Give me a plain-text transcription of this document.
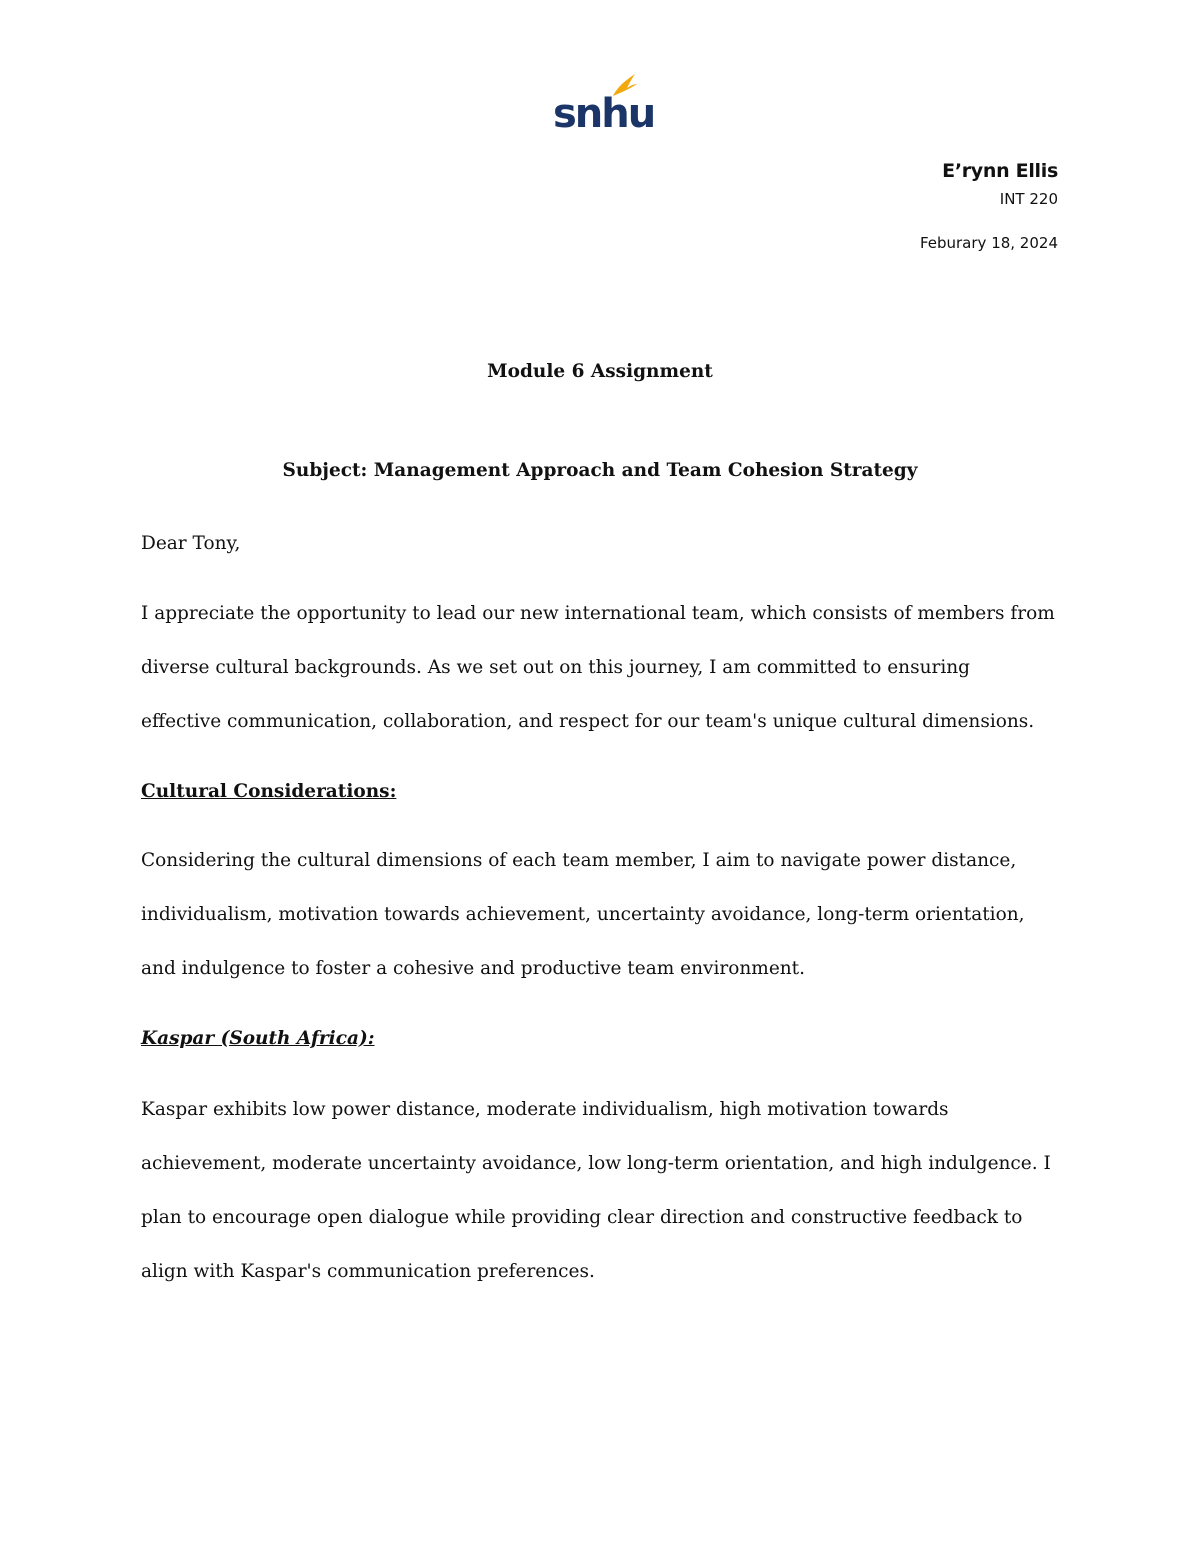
snhu
E’rynn Ellis
INT 220
Feburary 18, 2024
Module 6 Assignment
Subject: Management Approach and Team Cohesion Strategy
Dear Tony,
I appreciate the opportunity to lead our new international team, which consists of members from
diverse cultural backgrounds. As we set out on this journey, I am committed to ensuring
effective communication, collaboration, and respect for our team's unique cultural dimensions.
Cultural Considerations:
Considering the cultural dimensions of each team member, I aim to navigate power distance,
individualism, motivation towards achievement, uncertainty avoidance, long-term orientation,
and indulgence to foster a cohesive and productive team environment.
Kaspar (South Africa):
Kaspar exhibits low power distance, moderate individualism, high motivation towards
achievement, moderate uncertainty avoidance, low long-term orientation, and high indulgence. I
plan to encourage open dialogue while providing clear direction and constructive feedback to
align with Kaspar's communication preferences.
